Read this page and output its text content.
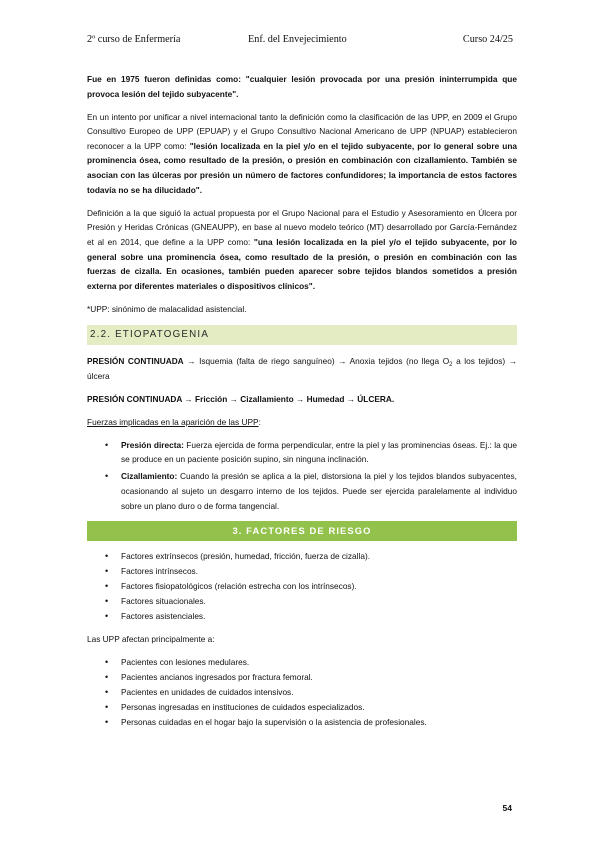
2º curso de Enfermería	Enf. del Envejecimiento	Curso 24/25

Fue en 1975 fueron definidas como: "cualquier lesión provocada por una presión ininterrumpida que provoca lesión del tejido subyacente".

En un intento por unificar a nivel internacional tanto la definición como la clasificación de las UPP, en 2009 el Grupo Consultivo Europeo de UPP (EPUAP) y el Grupo Consultivo Nacional Americano de UPP (NPUAP) establecieron reconocer a la UPP como: "lesión localizada en la piel y/o en el tejido subyacente, por lo general sobre una prominencia ósea, como resultado de la presión, o presión en combinación con cizallamiento. También se asocian con las úlceras por presión un número de factores confundidores; la importancia de estos factores todavía no se ha dilucidado".

Definición a la que siguió la actual propuesta por el Grupo Nacional para el Estudio y Asesoramiento en Úlcera por Presión y Heridas Crónicas (GNEAUPP), en base al nuevo modelo teórico (MT) desarrollado por García-Fernández et al en 2014, que define a la UPP como: "una lesión localizada en la piel y/o el tejido subyacente, por lo general sobre una prominencia ósea, como resultado de la presión, o presión en combinación con las fuerzas de cizalla. En ocasiones, también pueden aparecer sobre tejidos blandos sometidos a presión externa por diferentes materiales o dispositivos clínicos".

*UPP: sinónimo de malacalidad asistencial.

2.2. ETIOPATOGENIA

PRESIÓN CONTINUADA → Isquemia (falta de riego sanguíneo) → Anoxia tejidos (no llega $O_2$ a los tejidos) → úlcera

PRESIÓN CONTINUADA → Fricción → Cizallamiento → Humedad → ÚLCERA.

Fuerzas implicadas en la aparición de las UPP:

• Presión directa: Fuerza ejercida de forma perpendicular, entre la piel y las prominencias óseas. Ej.: la que se produce en un paciente posición supino, sin ninguna inclinación.
• Cizallamiento: Cuando la presión se aplica a la piel, distorsiona la piel y los tejidos blandos subyacentes, ocasionando al sujeto un desgarro interno de los tejidos. Puede ser ejercida paralelamente al individuo sobre un plano duro o de forma tangencial.
3. FACTORES DE RIESGO
• Factores extrínsecos (presión, humedad, fricción, fuerza de cizalla).
• Factores intrínsecos.
• Factores fisiopatológicos (relación estrecha con los intrínsecos).
• Factores situacionales.
• Factores asistenciales.

Las UPP afectan principalmente a:

• Pacientes con lesiones medulares.
• Pacientes ancianos ingresados por fractura femoral.
• Pacientes en unidades de cuidados intensivos.
• Personas ingresadas en instituciones de cuidados especializados.
• Personas cuidadas en el hogar bajo la supervisión o la asistencia de profesionales.
54
